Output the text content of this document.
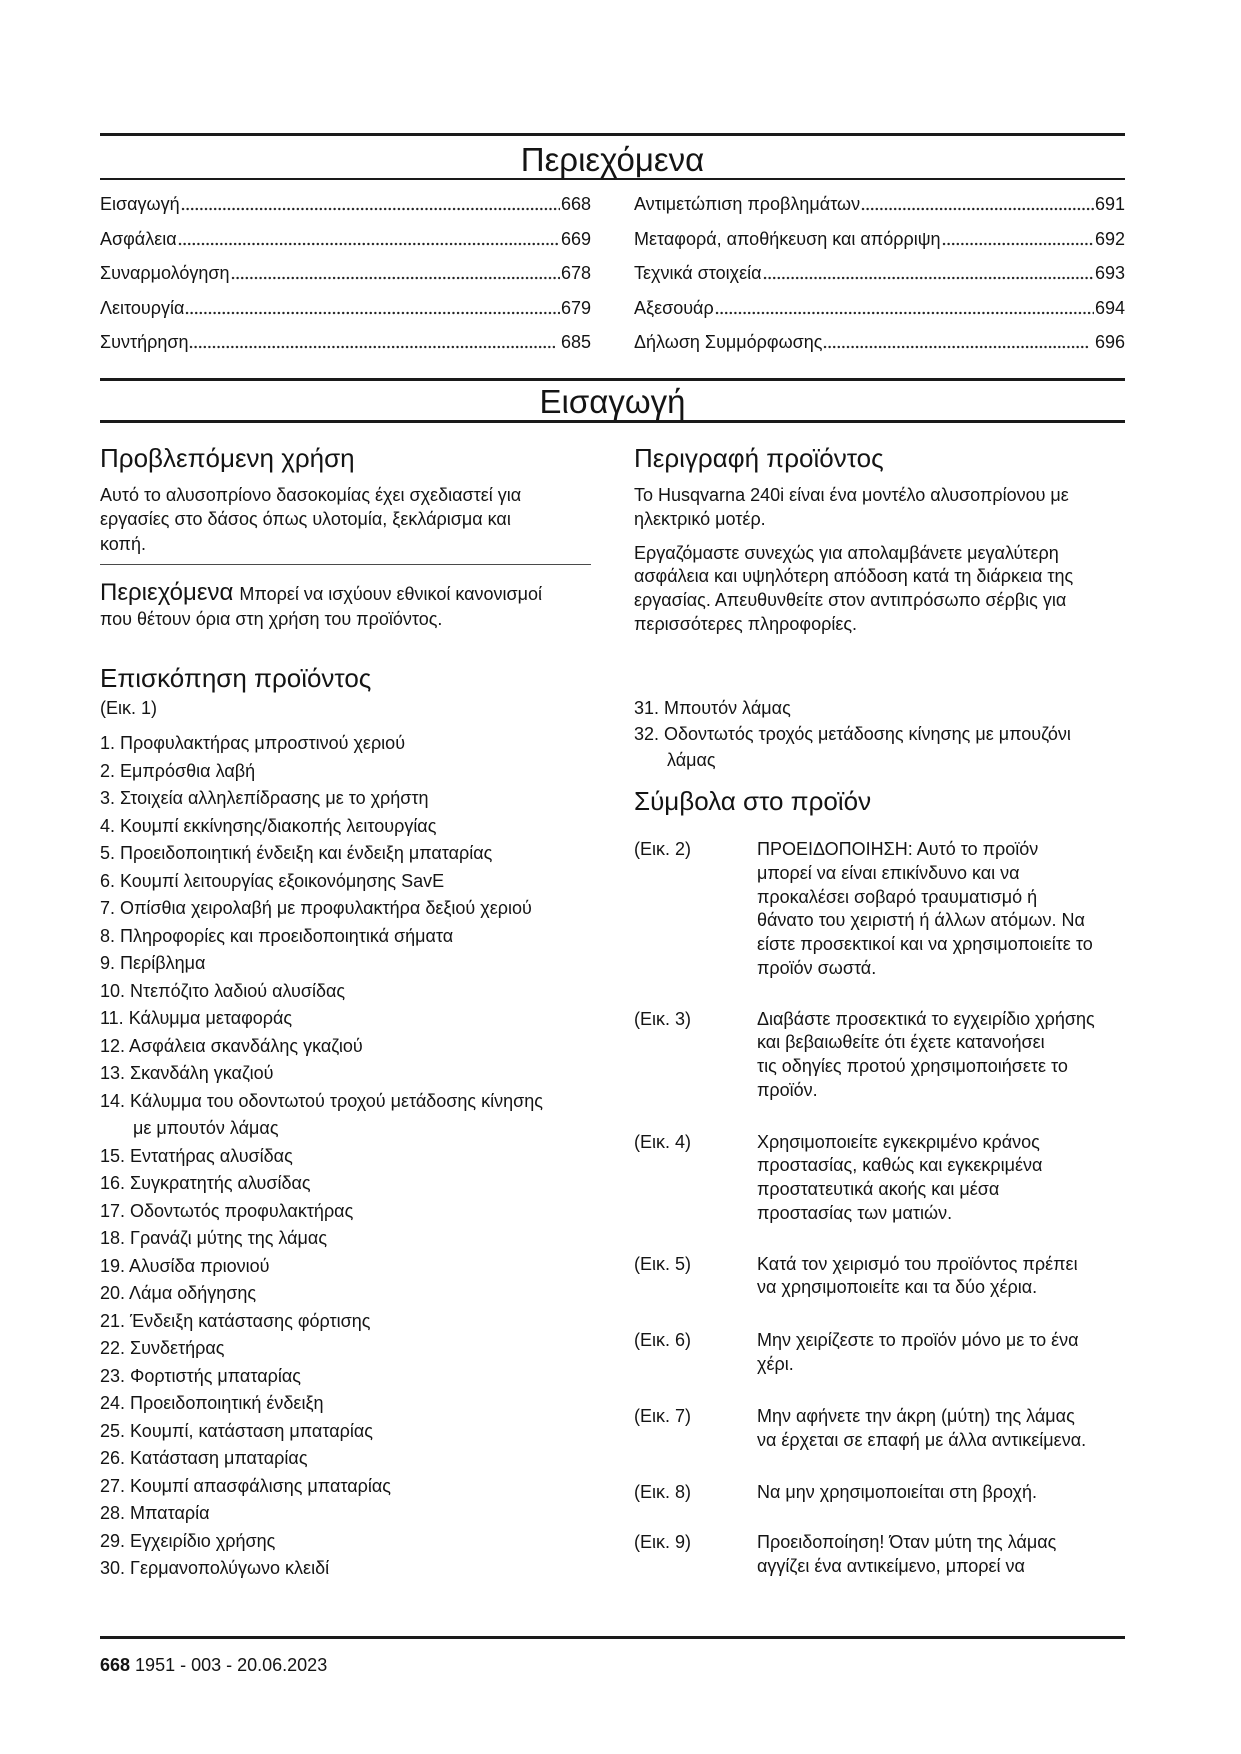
Περιεχόμενα
Εισαγωγή	668
Ασφάλεια	669
Συναρμολόγηση	678
Λειτουργία	679
Συντήρηση	685
Αντιμετώπιση προβλημάτων	691
Μεταφορά, αποθήκευση και απόρριψη	692
Τεχνικά στοιχεία	693
Αξεσουάρ	694
Δήλωση Συμμόρφωσης	696
Εισαγωγή
Προβλεπόμενη χρήση
Αυτό το αλυσοπρίονο δασοκομίας έχει σχεδιαστεί για
εργασίες στο δάσος όπως υλοτομία, ξεκλάρισμα και
κοπή.
Περιεχόμενα Μπορεί να ισχύουν εθνικοί κανονισμοί
που θέτουν όρια στη χρήση του προϊόντος.
Επισκόπηση προϊόντος
(Εικ. 1)
1. Προφυλακτήρας μπροστινού χεριού
2. Εμπρόσθια λαβή
3. Στοιχεία αλληλεπίδρασης με το χρήστη
4. Κουμπί εκκίνησης/διακοπής λειτουργίας
5. Προειδοποιητική ένδειξη και ένδειξη μπαταρίας
6. Κουμπί λειτουργίας εξοικονόμησης SavE
7. Οπίσθια χειρολαβή με προφυλακτήρα δεξιού χεριού
8. Πληροφορίες και προειδοποιητικά σήματα
9. Περίβλημα
10. Ντεπόζιτο λαδιού αλυσίδας
11. Κάλυμμα μεταφοράς
12. Ασφάλεια σκανδάλης γκαζιού
13. Σκανδάλη γκαζιού
14. Κάλυμμα του οδοντωτού τροχού μετάδοσης κίνησης
με μπουτόν λάμας
15. Εντατήρας αλυσίδας
16. Συγκρατητής αλυσίδας
17. Οδοντωτός προφυλακτήρας
18. Γρανάζι μύτης της λάμας
19. Αλυσίδα πριονιού
20. Λάμα οδήγησης
21. Ένδειξη κατάστασης φόρτισης
22. Συνδετήρας
23. Φορτιστής μπαταρίας
24. Προειδοποιητική ένδειξη
25. Κουμπί, κατάσταση μπαταρίας
26. Κατάσταση μπαταρίας
27. Κουμπί απασφάλισης μπαταρίας
28. Μπαταρία
29. Εγχειρίδιο χρήσης
30. Γερμανοπολύγωνο κλειδί
Περιγραφή προϊόντος
Το Husqvarna 240i είναι ένα μοντέλο αλυσοπρίονου με
ηλεκτρικό μοτέρ.
Εργαζόμαστε συνεχώς για απολαμβάνετε μεγαλύτερη
ασφάλεια και υψηλότερη απόδοση κατά τη διάρκεια της
εργασίας. Απευθυνθείτε στον αντιπρόσωπο σέρβις για
περισσότερες πληροφορίες.
31. Μπουτόν λάμας
32. Οδοντωτός τροχός μετάδοσης κίνησης με μπουζόνι
λάμας
Σύμβολα στο προϊόν
(Εικ. 2)	ΠΡΟΕΙΔΟΠΟΙΗΣΗ: Αυτό το προϊόν
μπορεί να είναι επικίνδυνο και να
προκαλέσει σοβαρό τραυματισμό ή
θάνατο του χειριστή ή άλλων ατόμων. Να
είστε προσεκτικοί και να χρησιμοποιείτε το
προϊόν σωστά.
(Εικ. 3)	Διαβάστε προσεκτικά το εγχειρίδιο χρήσης
και βεβαιωθείτε ότι έχετε κατανοήσει
τις οδηγίες προτού χρησιμοποιήσετε το
προϊόν.
(Εικ. 4)	Χρησιμοποιείτε εγκεκριμένο κράνος
προστασίας, καθώς και εγκεκριμένα
προστατευτικά ακοής και μέσα
προστασίας των ματιών.
(Εικ. 5)	Κατά τον χειρισμό του προϊόντος πρέπει
να χρησιμοποιείτε και τα δύο χέρια.
(Εικ. 6)	Μην χειρίζεστε το προϊόν μόνο με το ένα
χέρι.
(Εικ. 7)	Μην αφήνετε την άκρη (μύτη) της λάμας
να έρχεται σε επαφή με άλλα αντικείμενα.
(Εικ. 8)	Να μην χρησιμοποιείται στη βροχή.
(Εικ. 9)	Προειδοποίηση! Όταν μύτη της λάμας
αγγίζει ένα αντικείμενο, μπορεί να
668 1951 - 003 - 20.06.2023
